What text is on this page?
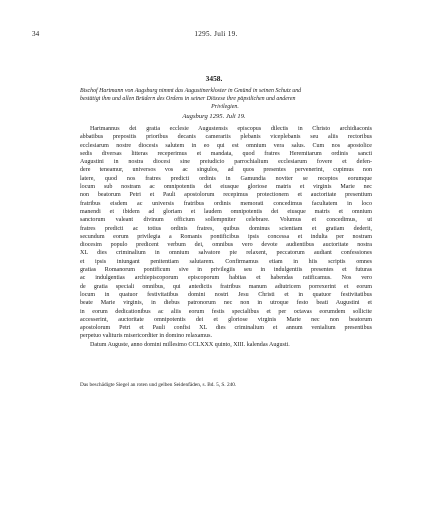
34	1295. Juli 19.
3458.
Bischof Hartmann von Augsburg nimmt das Augustinerkloster in Gmünd in seinen Schutz und
bestätigt ihm und allen Brüdern des Ordens in seiner Diözese ihre päpstlichen und anderen
Privilegien.
Augsburg 1295. Juli 19.
Hartmannus dei gratia ecclesie Augustensis episcopus dilectis in Christo archidiaconis
abbatibus prepositis prioribus decanis camerariis plebanis viceplebanis seu aliis rectoribus
ecclesiarum nostre diocesis salutem in eo qui est omnium vera salus. Cum nos apostolice
sedis diversas litteras receperimus et mandata, quod fratres Heremitarum ordinis sancti
Augustini in nostra diocesi sine preiudicio parrochialium ecclesiarum fovere et defen-
dere teneamur, universos vos ac singulos, ad quos presentes pervenerint, cupimus non
latere, quod nos fratres predicti ordinis in Gamundia noviter se receptos eorumque
locum sub nostram ac omnipotentis dei eiusque gloriose matris et virginis Marie nec
non beatorum Petri et Pauli apostolorum recepimus protectionem et auctoritate presentium
fratribus eisdem ac universis fratribus ordinis memorati concedimus facultatem in loco
manendi et ibidem ad gloriam et laudem omnipotentis dei eiusque matris et omnium
sanctorum valeant divinum officium sollempniter celebrare. Volumus et concedimus, ut
fratres predicti ac totius ordinis fratres, quibus dominus scientiam et gratiam dederit,
secundum eorum privilegia a Romanis pontificibus ipsis concessa et indulta per nostram
diocesim populo predicent verbum dei, omnibus vero devote audientibus auctoritate nostra
XL dies criminalium in omnium salvatore pie relaxent, peccatorum audiant confessiones
et ipsis iniungant penitentiam salutarem. Confirmamus etiam in hiis scriptis omnes
gratias Romanorum pontificum sive in privilegiis seu in indulgentiis presentes et futuras
ac indulgentias archiepiscoporum episcoporum habitas et habendas ratificamus. Nos vero
de gratia speciali omnibus, qui antedictis fratribus manum adiutricem porrexerint et eorum
locum in quatuor festivitatibus domini nostri Jesu Christi et in quatuor festivitatibus
beate Marie virginis, in diebus patronorum nec non in utroque festo beati Augustini et
in eorum dedicationibus ac aliis eorum festis specialibus et per octavas eorumdem sollicite
accesserint, auctoritate omnipotentis dei et gloriose virginis Marie nec non beatorum
apostolorum Petri et Pauli confisi XL dies criminalium et annum venialium presentibus
perpetuo valituris misericorditer in domino relaxamus.
Datum Auguste, anno domini millesimo CCLXXX quinto, XIII. kalendas Augusti.
Das beschädigte Siegel an roten und gelben Seidenfäden, s. Bd. 5, S. 240.
